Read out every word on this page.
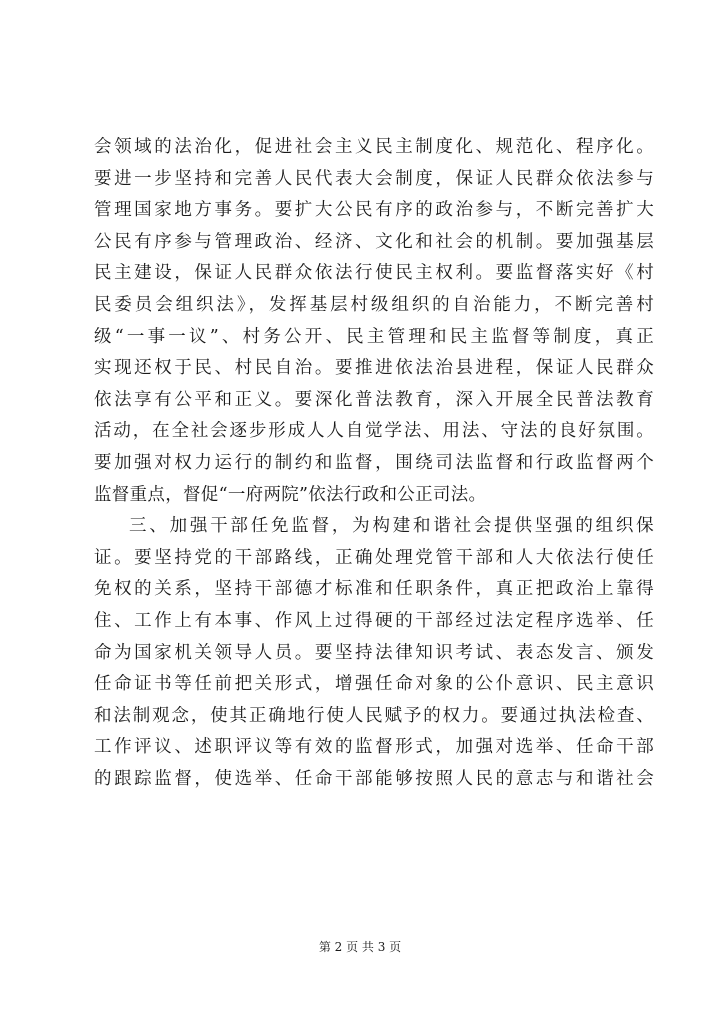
会领域的法治化，促进社会主义民主制度化、规范化、程序化。
要进一步坚持和完善人民代表大会制度，保证人民群众依法参与
管理国家地方事务。要扩大公民有序的政治参与，不断完善扩大
公民有序参与管理政治、经济、文化和社会的机制。要加强基层
民主建设，保证人民群众依法行使民主权利。要监督落实好《村
民委员会组织法》，发挥基层村级组织的自治能力，不断完善村
级“一事一议”、村务公开、民主管理和民主监督等制度，真正
实现还权于民、村民自治。要推进依法治县进程，保证人民群众
依法享有公平和正义。要深化普法教育，深入开展全民普法教育
活动，在全社会逐步形成人人自觉学法、用法、守法的良好氛围。
要加强对权力运行的制约和监督，围绕司法监督和行政监督两个
监督重点，督促“一府两院”依法行政和公正司法。
三、加强干部任免监督，为构建和谐社会提供坚强的组织保
证。要坚持党的干部路线，正确处理党管干部和人大依法行使任
免权的关系，坚持干部德才标准和任职条件，真正把政治上靠得
住、工作上有本事、作风上过得硬的干部经过法定程序选举、任
命为国家机关领导人员。要坚持法律知识考试、表态发言、颁发
任命证书等任前把关形式，增强任命对象的公仆意识、民主意识
和法制观念，使其正确地行使人民赋予的权力。要通过执法检查、
工作评议、述职评议等有效的监督形式，加强对选举、任命干部
的跟踪监督，使选举、任命干部能够按照人民的意志与和谐社会
第 2 页 共 3 页
